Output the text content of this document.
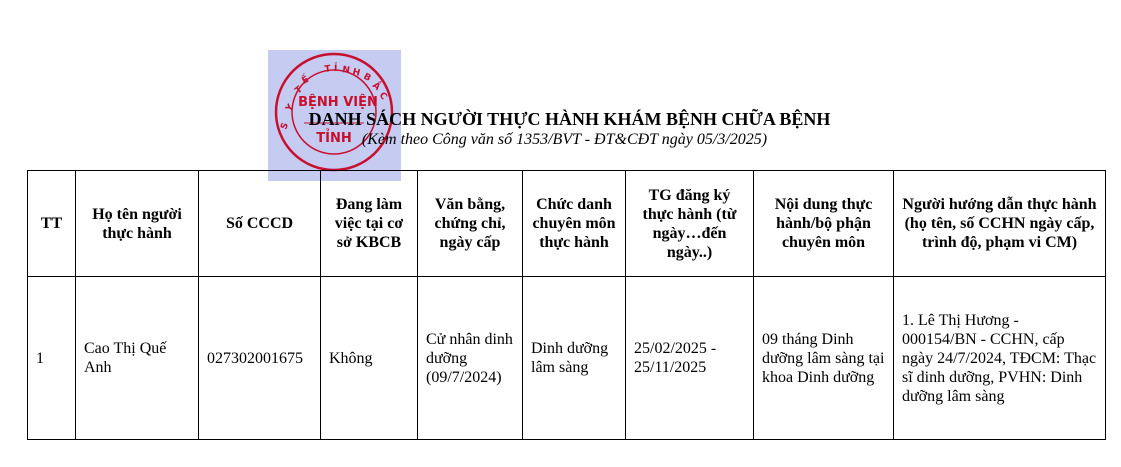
S
Y
T
Ế
T Ỉ N H B
Ắ
C
BỆNH VIỆN
TỈNH
DANH SÁCH NGƯỜI THỰC HÀNH KHÁM BỆNH CHỮA BỆNH
(Kèm theo Công văn số 1353/BVT - ĐT&CĐT ngày 05/3/2025)
TT	Họ tên người thực hành	Số CCCD	Đang làm việc tại cơ sở KBCB	Văn bằng, chứng chỉ, ngày cấp	Chức danh chuyên môn thực hành	TG đăng ký thực hành (từ ngày…đến ngày..)	Nội dung thực hành/bộ phận chuyên môn	Người hướng dẫn thực hành (họ tên, số CCHN ngày cấp, trình độ, phạm vi CM)
1	Cao Thị Quế Anh	027302001675	Không	Cử nhân dinh dưỡng (09/7/2024)	Dinh dưỡng lâm sàng	25/02/2025 - 25/11/2025	09 tháng Dinh dưỡng lâm sàng tại khoa Dinh dưỡng	1. Lê Thị Hương - 000154/BN - CCHN, cấp ngày 24/7/2024, TĐCM: Thạc sĩ dinh dưỡng, PVHN: Dinh dưỡng lâm sàng
